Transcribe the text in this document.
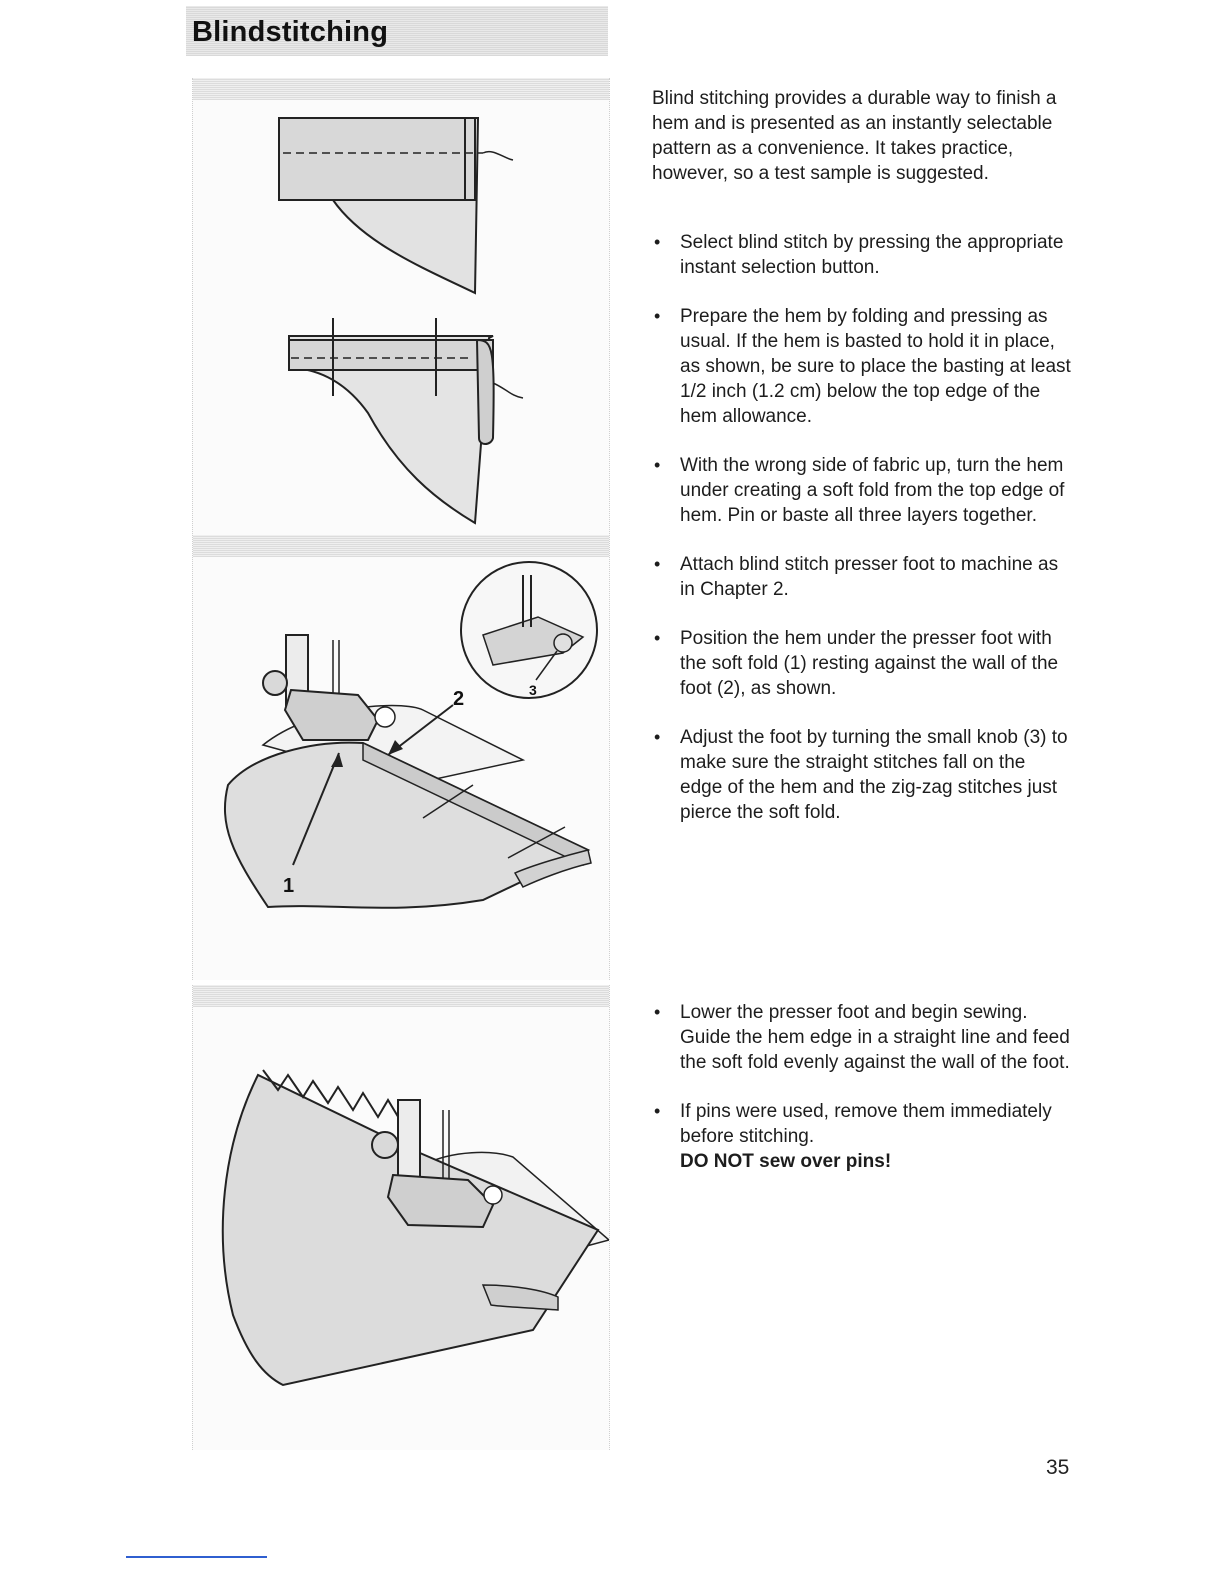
Blindstitching
1
2	3

Blind stitching provides a durable way to finish a hem and is presented as an instantly selectable pattern as a convenience. It takes practice, however, so a test sample is suggested.

• Select blind stitch by pressing the appropriate instant selection button.
• Prepare the hem by folding and pressing as usual. If the hem is basted to hold it in place, as shown, be sure to place the basting at least 1/2 inch (1.2 cm) below the top edge of the hem allowance.
• With the wrong side of fabric up, turn the hem under creating a soft fold from the top edge of hem. Pin or baste all three layers together.
• Attach blind stitch presser foot to machine as in Chapter 2.
• Position the hem under the presser foot with the soft fold (1) resting against the wall of the foot (2), as shown.
• Adjust the foot by turning the small knob (3) to make sure the straight stitches fall on the edge of the hem and the zig-zag stitches just pierce the soft fold.
• Lower the presser foot and begin sewing. Guide the hem edge in a straight line and feed the soft fold evenly against the wall of the foot.
• If pins were used, remove them immediately before stitching.
DO NOT sew over pins!
35
